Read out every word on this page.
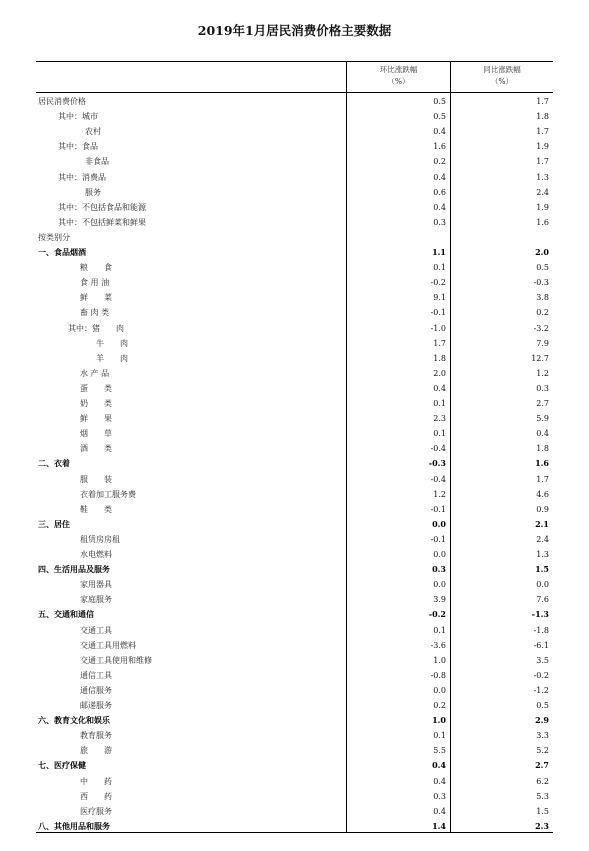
2019年1月居民消费价格主要数据
环比涨跌幅
（%）
同比涨跌幅
（%）
居民消费价格	0.5	1.7
其中：城市	0.5	1.8
农村	0.4	1.7
其中：食品	1.6	1.9
非食品	0.2	1.7
其中：消费品	0.4	1.3
服务	0.6	2.4
其中：不包括食品和能源	0.4	1.9
其中：不包括鲜菜和鲜果	0.3	1.6
按类别分
一、食品烟酒	1.1	2.0
粮　　食	0.1	0.5
食 用 油	-0.2	-0.3
鲜　　菜	9.1	3.8
畜 肉 类	-0.1	0.2
其中：猪　　肉	-1.0	-3.2
牛　　肉	1.7	7.9
羊　　肉	1.8	12.7
水 产 品	2.0	1.2
蛋　　类	0.4	0.3
奶　　类	0.1	2.7
鲜　　果	2.3	5.9
烟　　草	0.1	0.4
酒　　类	-0.4	1.8
二、衣着	-0.3	1.6
服　　装	-0.4	1.7
衣着加工服务费	1.2	4.6
鞋　　类	-0.1	0.9
三、居住	0.0	2.1
租赁房房租	-0.1	2.4
水电燃料	0.0	1.3
四、生活用品及服务	0.3	1.5
家用器具	0.0	0.0
家庭服务	3.9	7.6
五、交通和通信	-0.2	-1.3
交通工具	0.1	-1.8
交通工具用燃料	-3.6	-6.1
交通工具使用和维修	1.0	3.5
通信工具	-0.8	-0.2
通信服务	0.0	-1.2
邮递服务	0.2	0.5
六、教育文化和娱乐	1.0	2.9
教育服务	0.1	3.3
旅　　游	5.5	5.2
七、医疗保健	0.4	2.7
中　　药	0.4	6.2
西　　药	0.3	5.3
医疗服务	0.4	1.5
八、其他用品和服务	1.4	2.3
